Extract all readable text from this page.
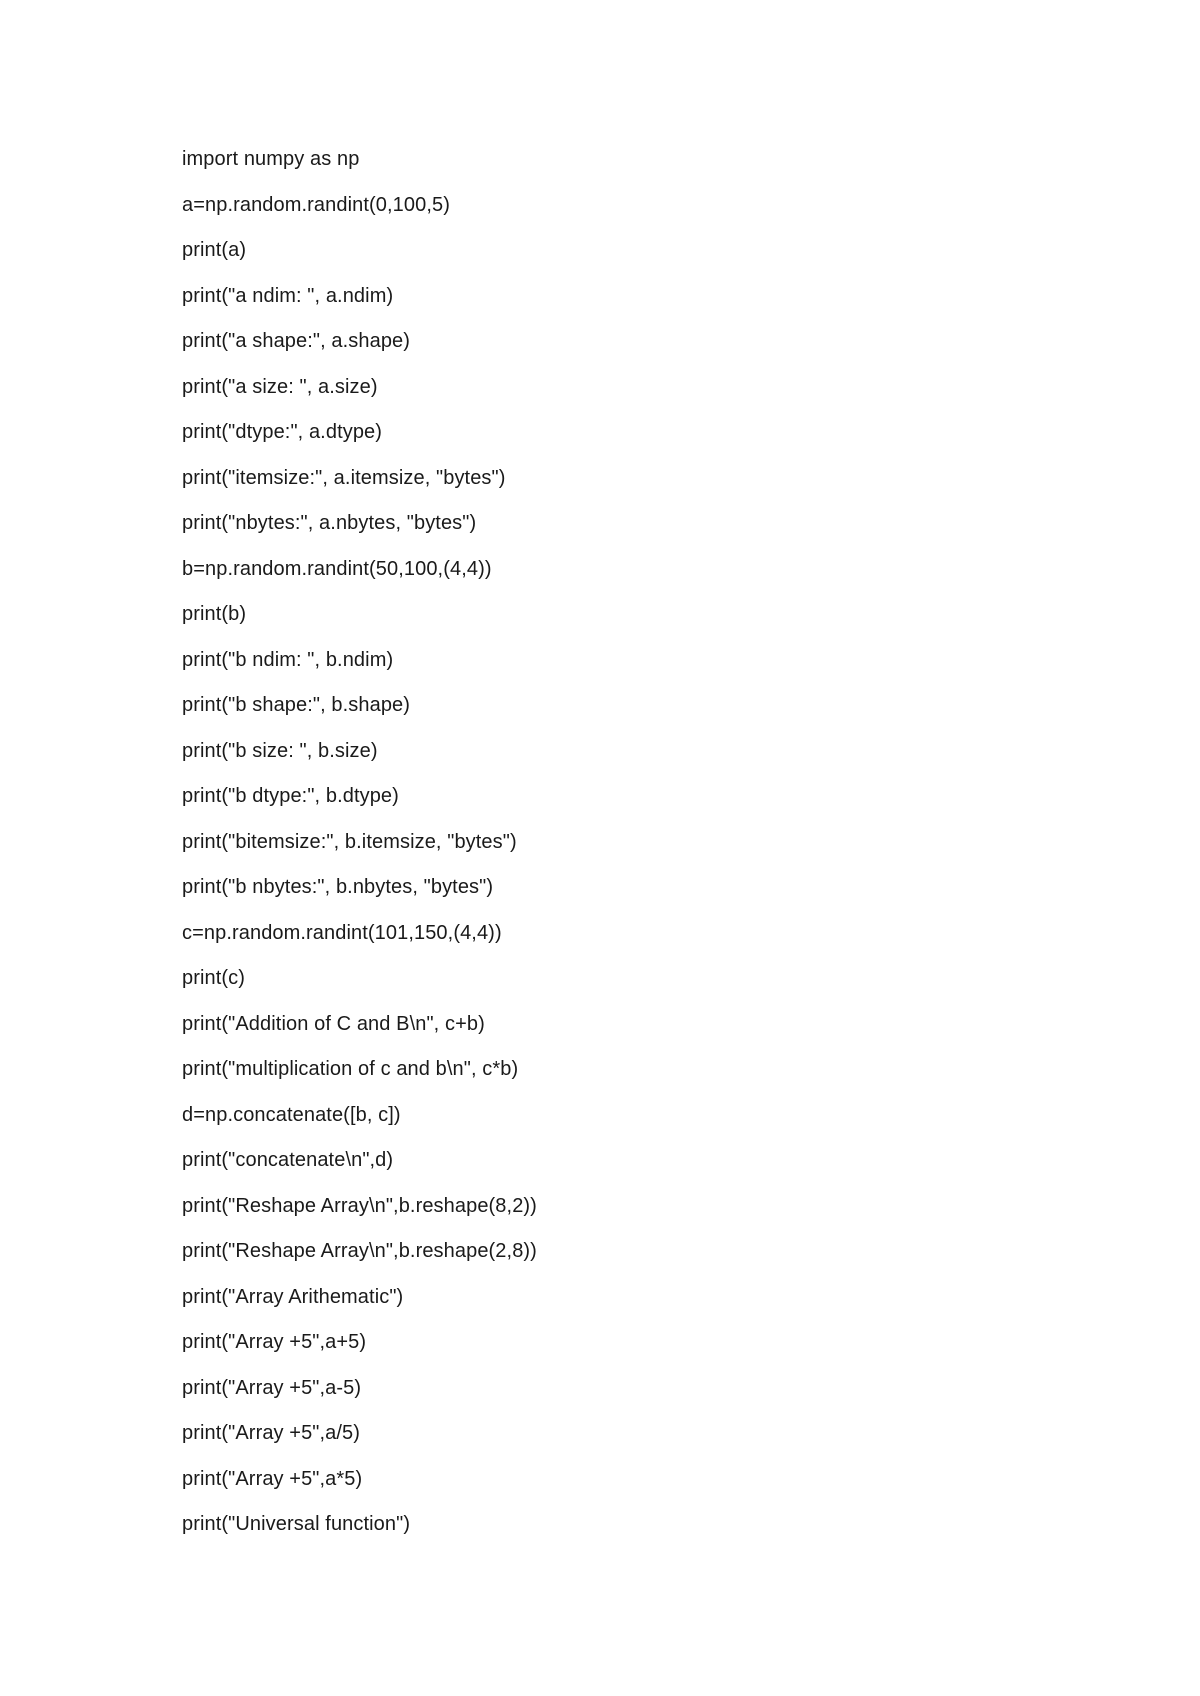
import numpy as np
a=np.random.randint(0,100,5)
print(a)
print("a ndim: ", a.ndim)
print("a shape:", a.shape)
print("a size: ", a.size)
print("dtype:", a.dtype)
print("itemsize:", a.itemsize, "bytes")
print("nbytes:", a.nbytes, "bytes")
b=np.random.randint(50,100,(4,4))
print(b)
print("b ndim: ", b.ndim)
print("b shape:", b.shape)
print("b size: ", b.size)
print("b dtype:", b.dtype)
print("bitemsize:", b.itemsize, "bytes")
print("b nbytes:", b.nbytes, "bytes")
c=np.random.randint(101,150,(4,4))
print(c)
print("Addition of C and B\n", c+b)
print("multiplication of c and b\n", c*b)
d=np.concatenate([b, c])
print("concatenate\n",d)
print("Reshape Array\n",b.reshape(8,2))
print("Reshape Array\n",b.reshape(2,8))
print("Array Arithematic")
print("Array +5",a+5)
print("Array +5",a-5)
print("Array +5",a/5)
print("Array +5",a*5)
print("Universal function")
